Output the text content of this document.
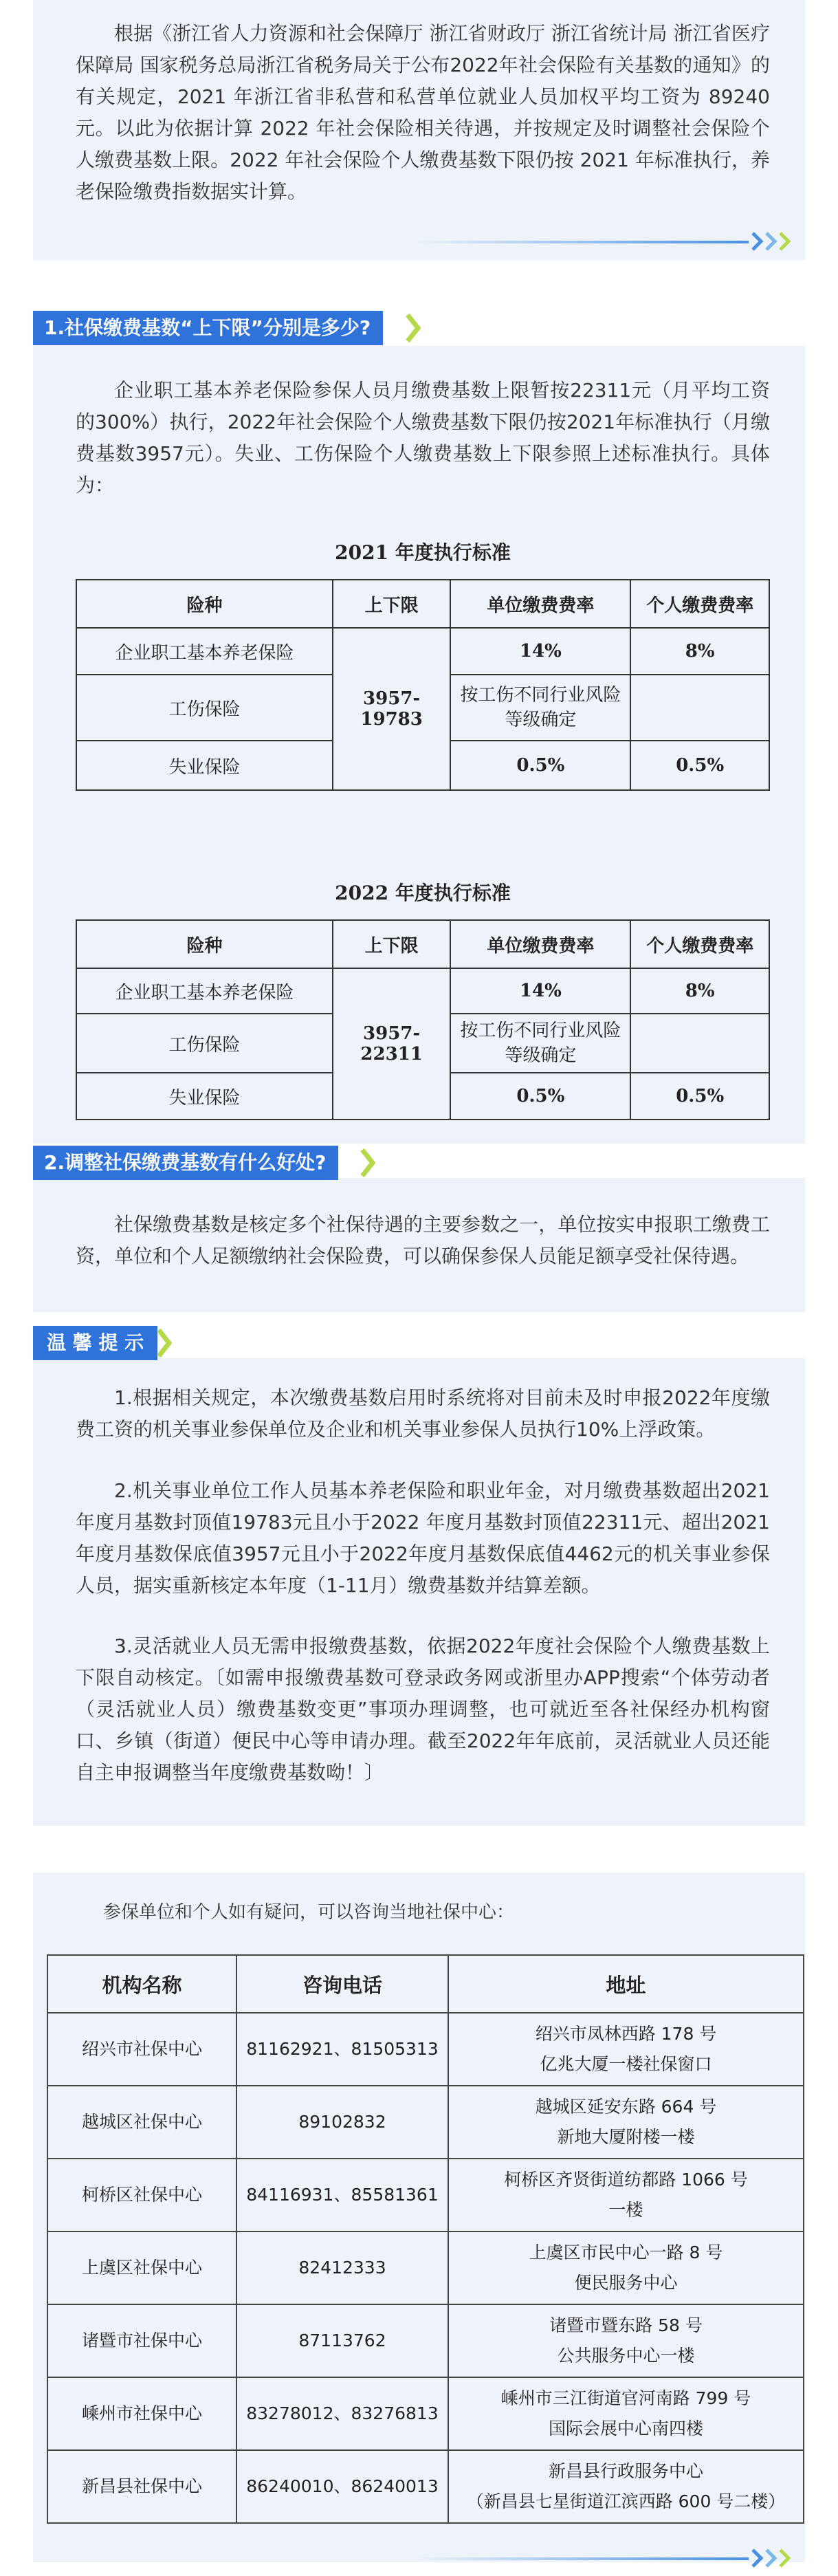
根据《浙江省人力资源和社会保障厅 浙江省财政厅 浙江省统计局 浙江省医疗保障局 国家税务总局浙江省税务局关于公布2022年社会保险有关基数的通知》的有关规定，2021 年浙江省非私营和私营单位就业人员加权平均工资为 89240元。以此为依据计算 2022 年社会保险相关待遇，并按规定及时调整社会保险个人缴费基数上限。2022 年社会保险个人缴费基数下限仍按 2021 年标准执行，养老保险缴费指数据实计算。

1.社保缴费基数“上下限”分别是多少?

企业职工基本养老保险参保人员月缴费基数上限暂按22311元（月平均工资的300%）执行，2022年社会保险个人缴费基数下限仍按2021年标准执行（月缴费基数3957元）。失业、工伤保险个人缴费基数上下限参照上述标准执行。具体为：

2021 年度执行标准
险种	上下限	单位缴费费率	个人缴费费率
企业职工基本养老保险	3957-19783	14%	8%
工伤保险		按工伤不同行业风险等级确定	
失业保险		0.5%	0.5%
2022 年度执行标准
险种	上下限	单位缴费费率	个人缴费费率
企业职工基本养老保险	3957-22311	14%	8%
工伤保险		按工伤不同行业风险等级确定	
失业保险		0.5%	0.5%
2.调整社保缴费基数有什么好处?

社保缴费基数是核定多个社保待遇的主要参数之一，单位按实申报职工缴费工资，单位和个人足额缴纳社会保险费，可以确保参保人员能足额享受社保待遇。

温 馨 提 示

1.根据相关规定，本次缴费基数启用时系统将对目前未及时申报2022年度缴费工资的机关事业参保单位及企业和机关事业参保人员执行10%上浮政策。

2.机关事业单位工作人员基本养老保险和职业年金，对月缴费基数超出2021年度月基数封顶值19783元且小于2022 年度月基数封顶值22311元、超出2021年度月基数保底值3957元且小于2022年度月基数保底值4462元的机关事业参保人员，据实重新核定本年度（1-11月）缴费基数并结算差额。

3.灵活就业人员无需申报缴费基数，依据2022年度社会保险个人缴费基数上下限自动核定。〔如需申报缴费基数可登录政务网或浙里办APP搜索“个体劳动者（灵活就业人员）缴费基数变更”事项办理调整，也可就近至各社保经办机构窗口、乡镇（街道）便民中心等申请办理。截至2022年年底前，灵活就业人员还能自主申报调整当年度缴费基数呦！〕

参保单位和个人如有疑问，可以咨询当地社保中心：

机构名称	咨询电话	地址
绍兴市社保中心	81162921、81505313	绍兴市凤林西路 178 号
亿兆大厦一楼社保窗口

越城区社保中心	89102832	越城区延安东路 664 号
新地大厦附楼一楼

柯桥区社保中心	84116931、85581361	柯桥区齐贤街道纺都路 1066 号
一楼

上虞区社保中心	82412333	上虞区市民中心一路 8 号
便民服务中心

诸暨市社保中心	87113762	诸暨市暨东路 58 号
公共服务中心一楼

嵊州市社保中心	83278012、83276813	嵊州市三江街道官河南路 799 号
国际会展中心南四楼

新昌县社保中心	86240010、86240013	新昌县行政服务中心
（新昌县七星街道江滨西路 600 号二楼）
